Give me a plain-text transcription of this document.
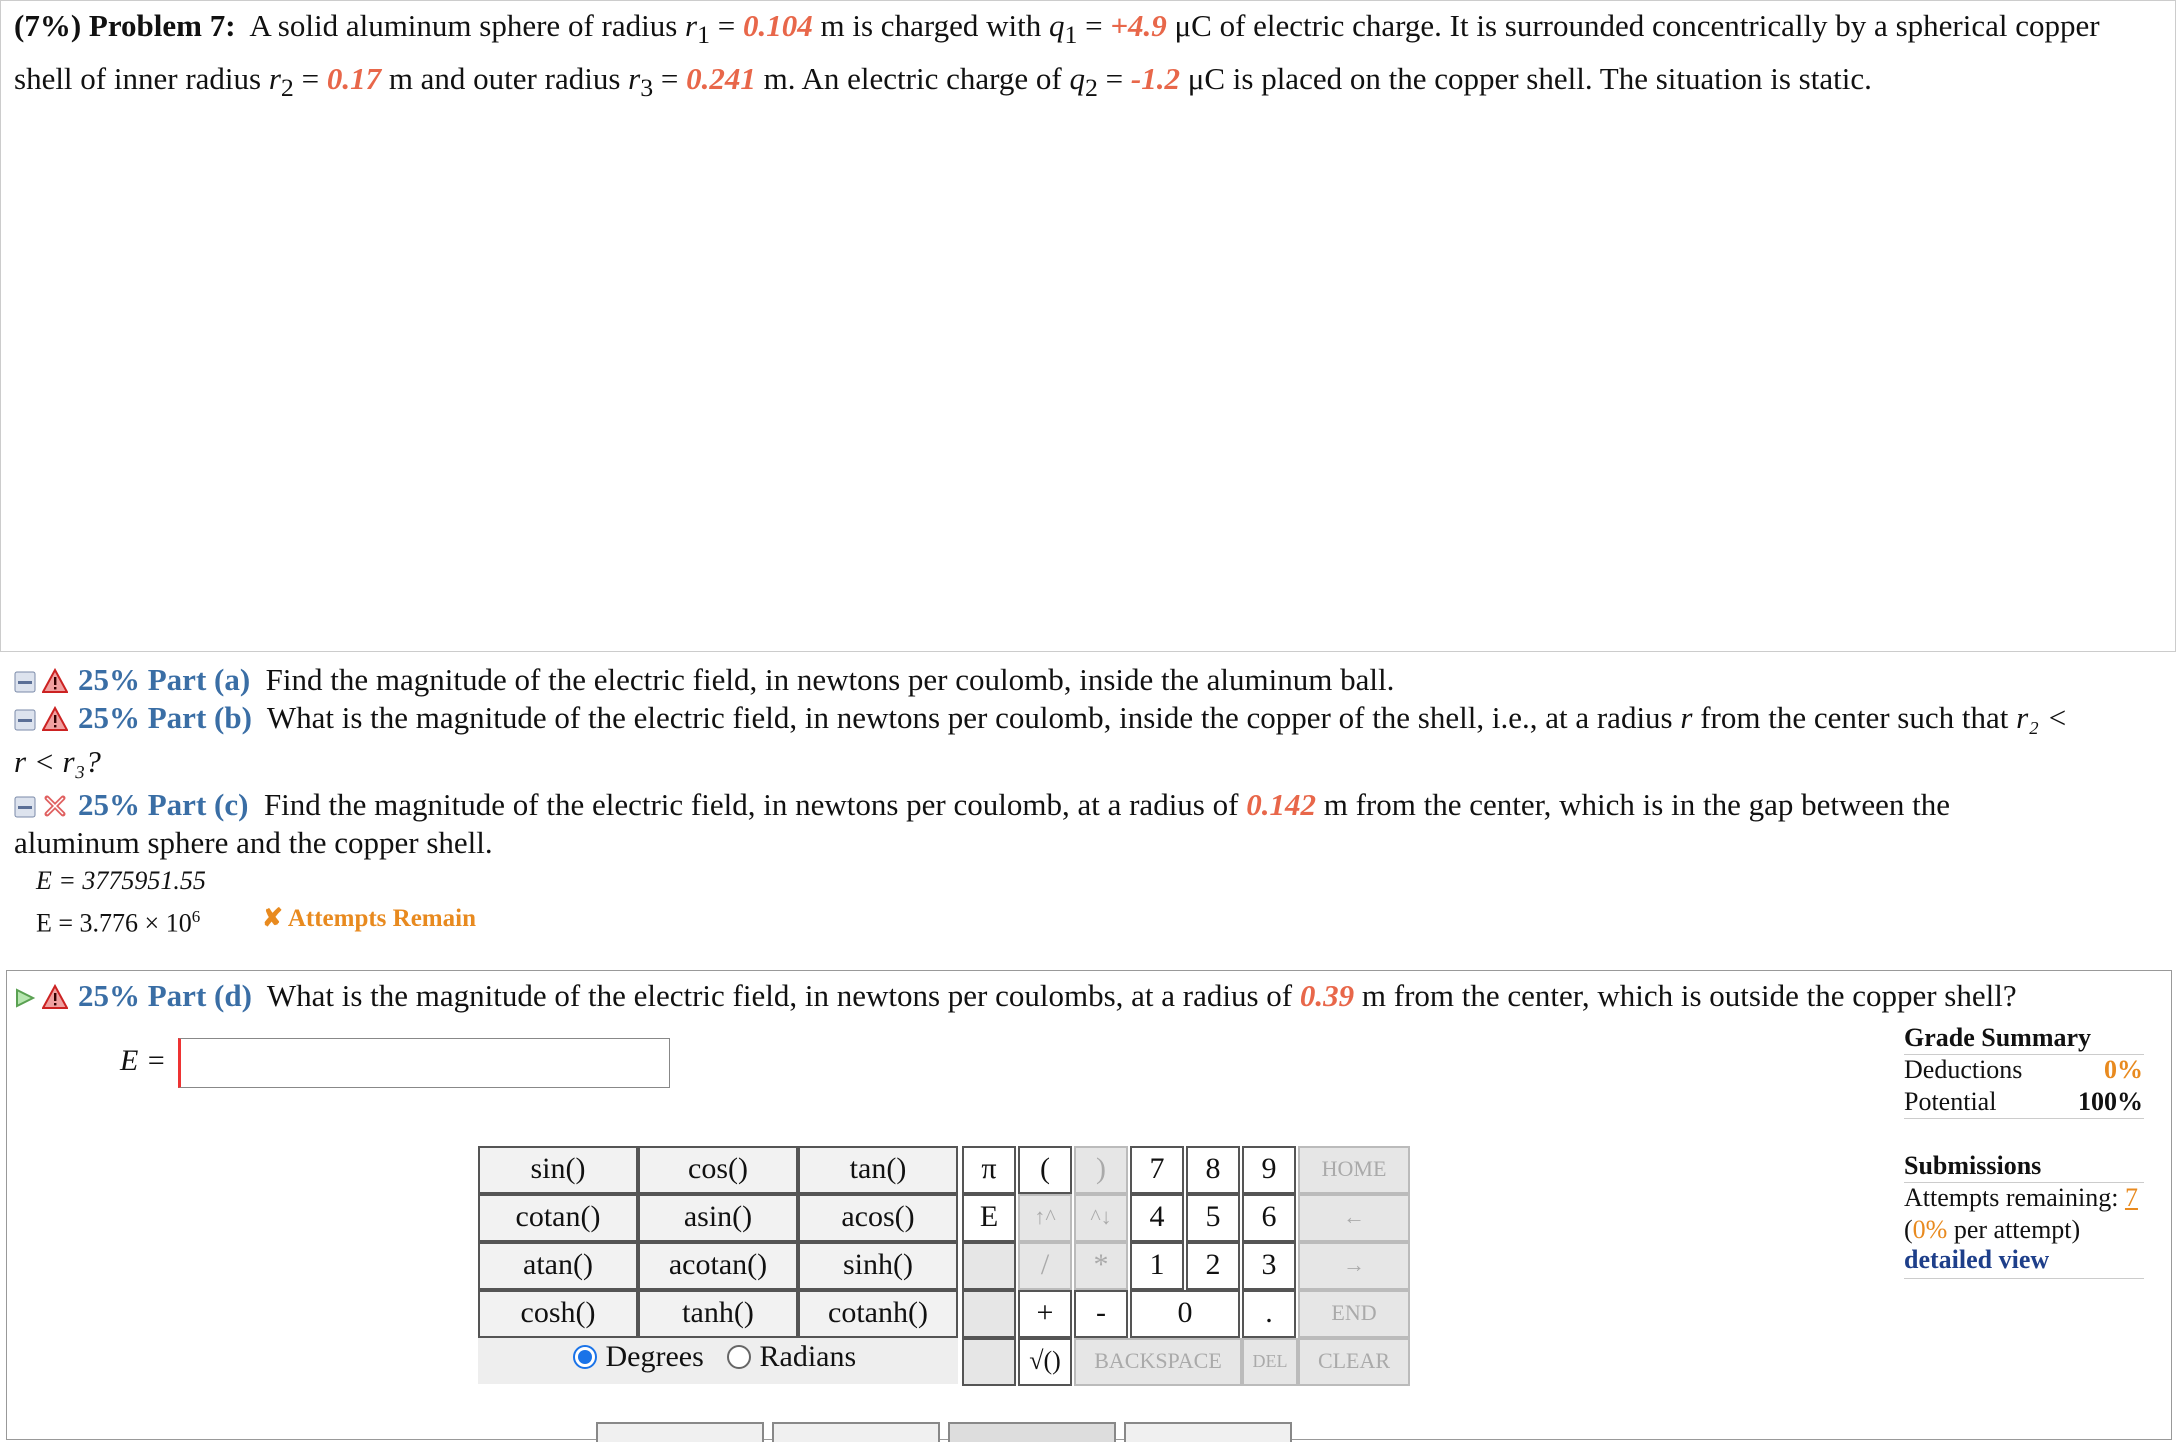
(7%) Problem 7: A solid aluminum sphere of radius $r_1 = 0.104$ m is charged with $q_1 = +4.9$ μC of electric charge. It is surrounded concentrically by a spherical copper shell of inner radius $r_2 = 0.17$ m and outer radius $r_3 = 0.241$ m. An electric charge of $q_2 = -1.2$ μC is placed on the copper shell. The situation is static.
25% Part (a) Find the magnitude of the electric field, in newtons per coulomb, inside the aluminum ball.
25% Part (b) What is the magnitude of the electric field, in newtons per coulomb, inside the copper of the shell, i.e., at a radius r from the center such that r₂ <
r < r₃?
25% Part (c) Find the magnitude of the electric field, in newtons per coulomb, at a radius of 0.142 m from the center, which is in the gap between the
aluminum sphere and the copper shell.
E = 3775951.55
$E = 3.776 \times 10^6$ ✘ Attempts Remain
25% Part (d) What is the magnitude of the electric field, in newtons per coulombs, at a radius of 0.39 m from the center, which is outside the copper shell?
E =
sin()	cos()	tan()
cotan()	asin()	acos()
atan()	acotan()	sinh()
cosh()	tanh()	cotanh()
Degrees	Radians
π	(	)	7	8	9	HOME
E	↑^	^↓	4	5	6	←
/	*	1	2	3	→
+	-	0	.	END
√()	BACKSPACE	DEL	CLEAR
Grade Summary
Deductions	0%
Potential	100%
Submissions
Attempts remaining: 7
(0% per attempt)
detailed view
